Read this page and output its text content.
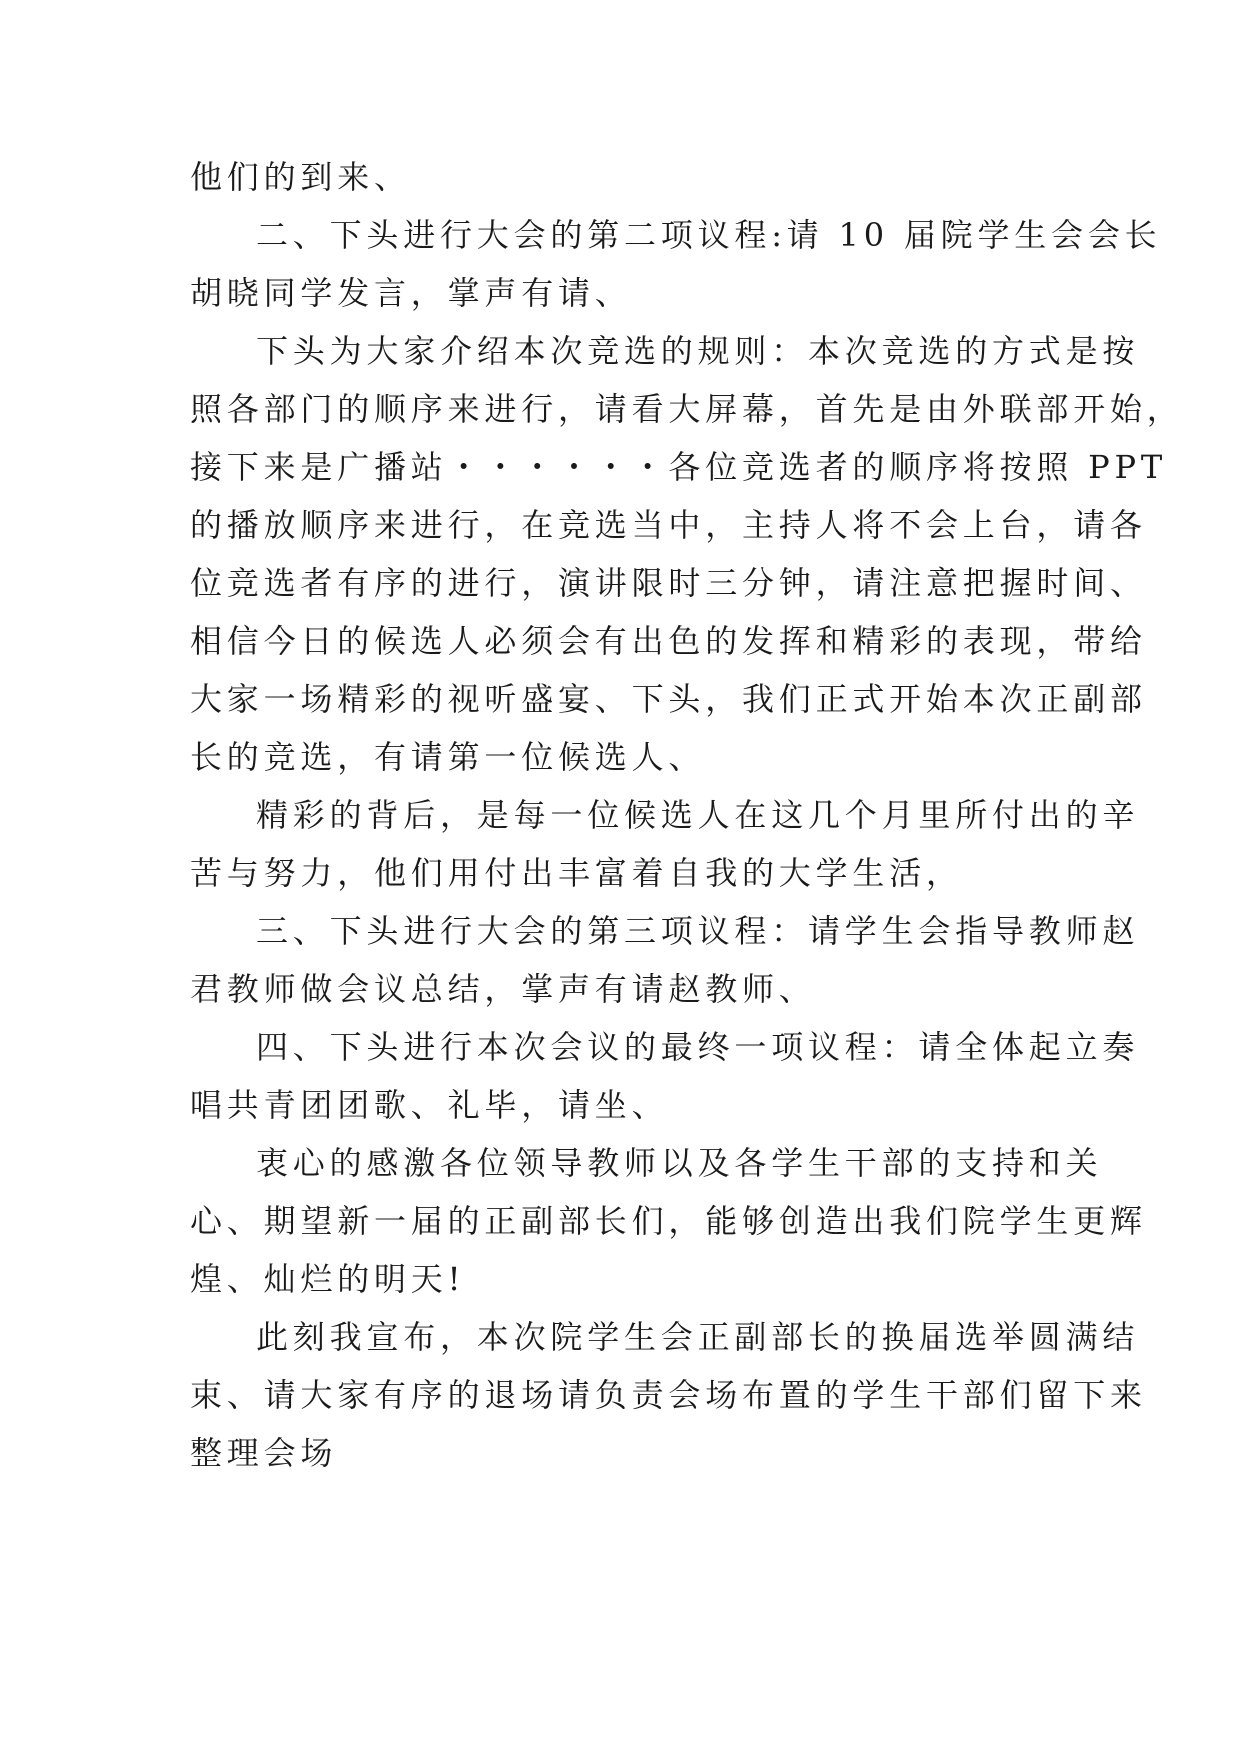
他们的到来、
二、下头进行大会的第二项议程:请 10 届院学生会会长
胡晓同学发言，掌声有请、
下头为大家介绍本次竞选的规则：本次竞选的方式是按
照各部门的顺序来进行，请看大屏幕，首先是由外联部开始，
接下来是广播站・・・・・・各位竞选者的顺序将按照 PPT
的播放顺序来进行，在竞选当中，主持人将不会上台，请各
位竞选者有序的进行，演讲限时三分钟，请注意把握时间、
相信今日的候选人必须会有出色的发挥和精彩的表现，带给
大家一场精彩的视听盛宴、下头，我们正式开始本次正副部
长的竞选，有请第一位候选人、
精彩的背后，是每一位候选人在这几个月里所付出的辛
苦与努力，他们用付出丰富着自我的大学生活，
三、下头进行大会的第三项议程：请学生会指导教师赵
君教师做会议总结，掌声有请赵教师、
四、下头进行本次会议的最终一项议程：请全体起立奏
唱共青团团歌、礼毕，请坐、
衷心的感激各位领导教师以及各学生干部的支持和关
心、期望新一届的正副部长们，能够创造出我们院学生更辉
煌、灿烂的明天!
此刻我宣布，本次院学生会正副部长的换届选举圆满结
束、请大家有序的退场请负责会场布置的学生干部们留下来
整理会场
